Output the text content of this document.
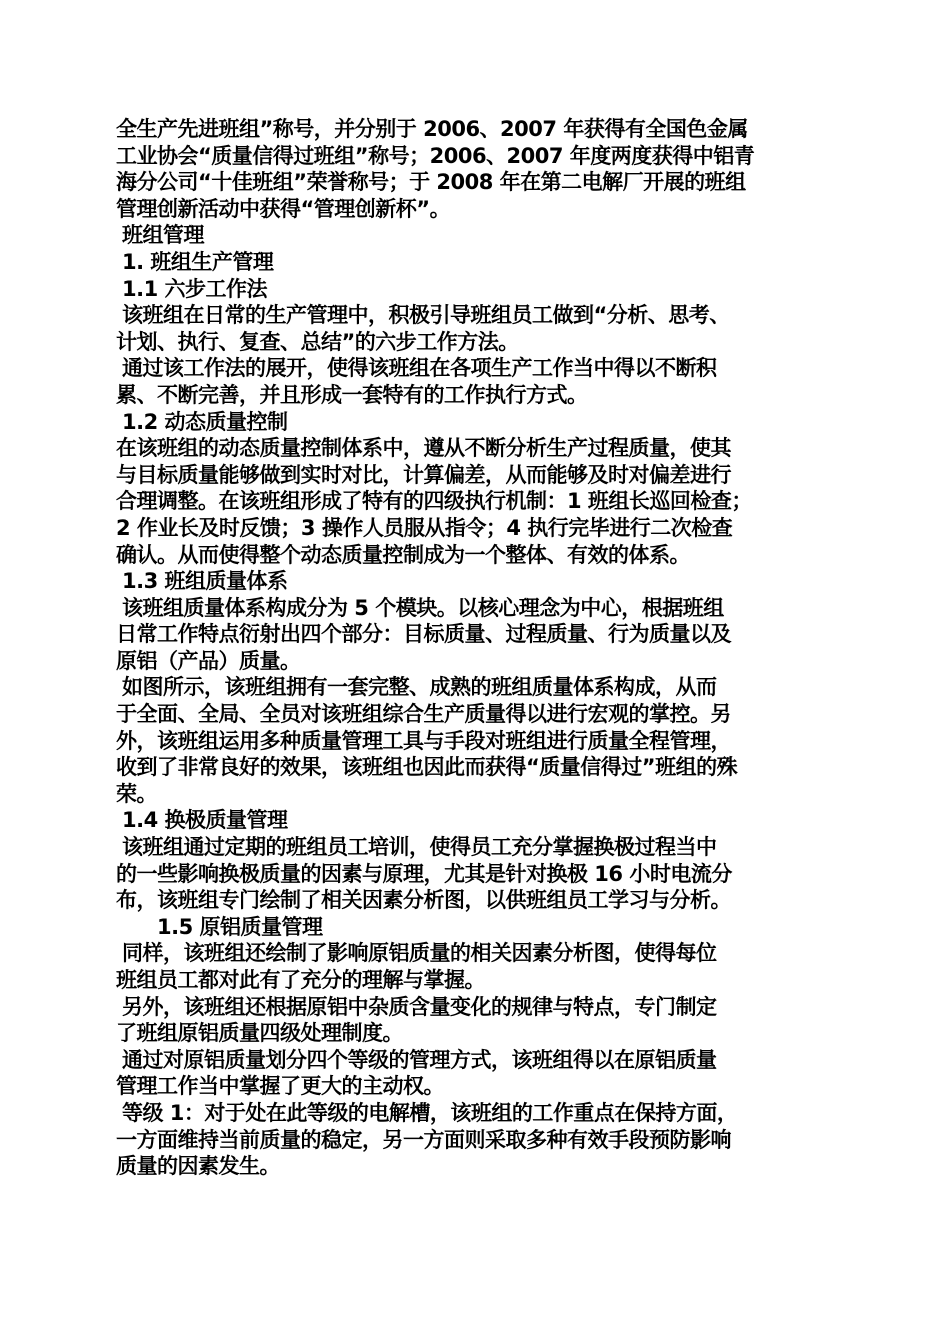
全生产先进班组”称号，并分别于 2006、2007 年获得有全国色金属
工业协会“质量信得过班组”称号；2006、2007 年度两度获得中铝青
海分公司“十佳班组”荣誉称号；于 2008 年在第二电解厂开展的班组
管理创新活动中获得“管理创新杯”。
班组管理
1. 班组生产管理
1.1 六步工作法
该班组在日常的生产管理中，积极引导班组员工做到“分析、思考、
计划、执行、复查、总结”的六步工作方法。
通过该工作法的展开，使得该班组在各项生产工作当中得以不断积
累、不断完善，并且形成一套特有的工作执行方式。
1.2 动态质量控制
在该班组的动态质量控制体系中，遵从不断分析生产过程质量，使其
与目标质量能够做到实时对比，计算偏差，从而能够及时对偏差进行
合理调整。在该班组形成了特有的四级执行机制：1 班组长巡回检查；
2 作业长及时反馈；3 操作人员服从指令；4 执行完毕进行二次检查
确认。从而使得整个动态质量控制成为一个整体、有效的体系。
1.3 班组质量体系
该班组质量体系构成分为 5 个模块。以核心理念为中心，根据班组
日常工作特点衍射出四个部分：目标质量、过程质量、行为质量以及
原铝（产品）质量。
如图所示，该班组拥有一套完整、成熟的班组质量体系构成，从而
于全面、全局、全员对该班组综合生产质量得以进行宏观的掌控。另
外，该班组运用多种质量管理工具与手段对班组进行质量全程管理，
收到了非常良好的效果，该班组也因此而获得“质量信得过”班组的殊
荣。
1.4 换极质量管理
该班组通过定期的班组员工培训，使得员工充分掌握换极过程当中
的一些影响换极质量的因素与原理，尤其是针对换极 16 小时电流分
布，该班组专门绘制了相关因素分析图，以供班组员工学习与分析。
1.5 原铝质量管理
同样，该班组还绘制了影响原铝质量的相关因素分析图，使得每位
班组员工都对此有了充分的理解与掌握。
另外，该班组还根据原铝中杂质含量变化的规律与特点，专门制定
了班组原铝质量四级处理制度。
通过对原铝质量划分四个等级的管理方式，该班组得以在原铝质量
管理工作当中掌握了更大的主动权。
等级 1：对于处在此等级的电解槽，该班组的工作重点在保持方面，
一方面维持当前质量的稳定，另一方面则采取多种有效手段预防影响
质量的因素发生。
